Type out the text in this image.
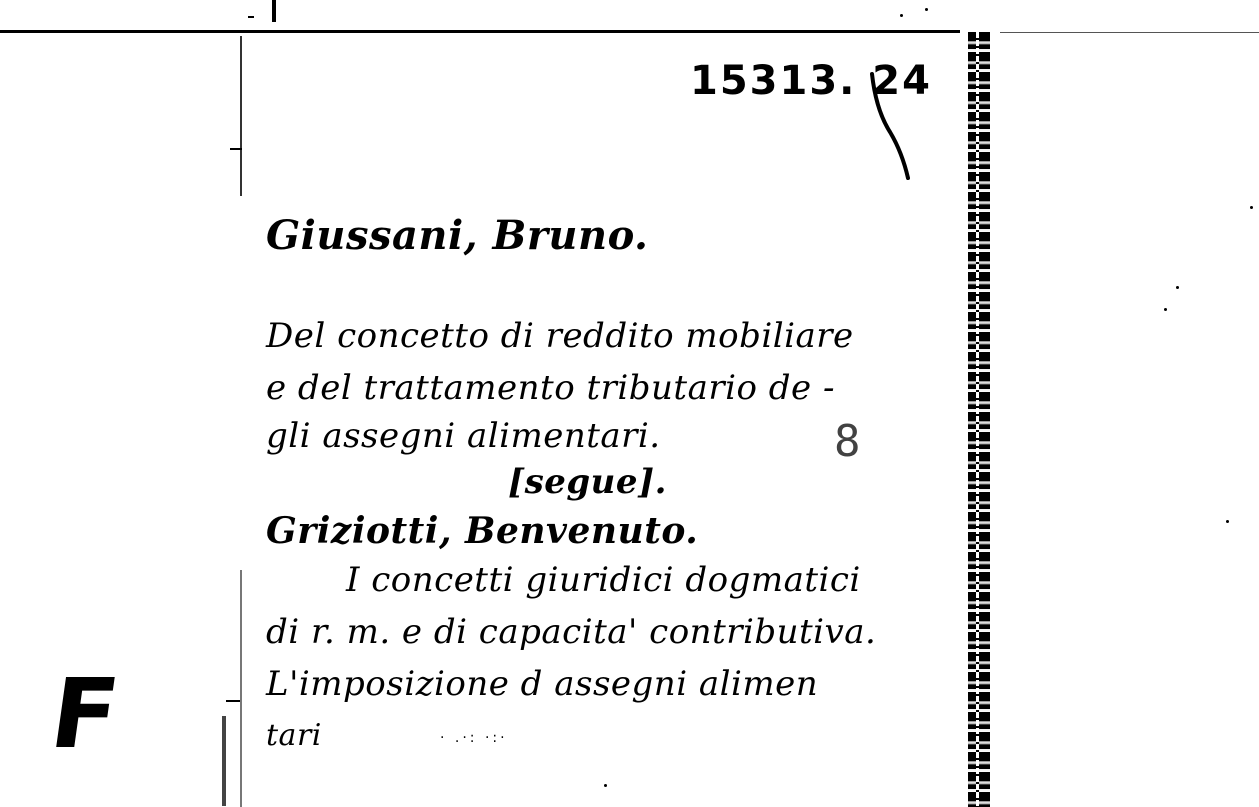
15313. 24
Giussani, Bruno.
Del concetto di reddito mobiliare
e del trattamento tributario de -
gli assegni alimentari.
[segue].
8
Griziotti, Benvenuto.
I concetti giuridici dogmatici
di r. m. e di capacita' contributiva.
L'imposizione d assegni alimen
tari	· .·: ·:·
F
